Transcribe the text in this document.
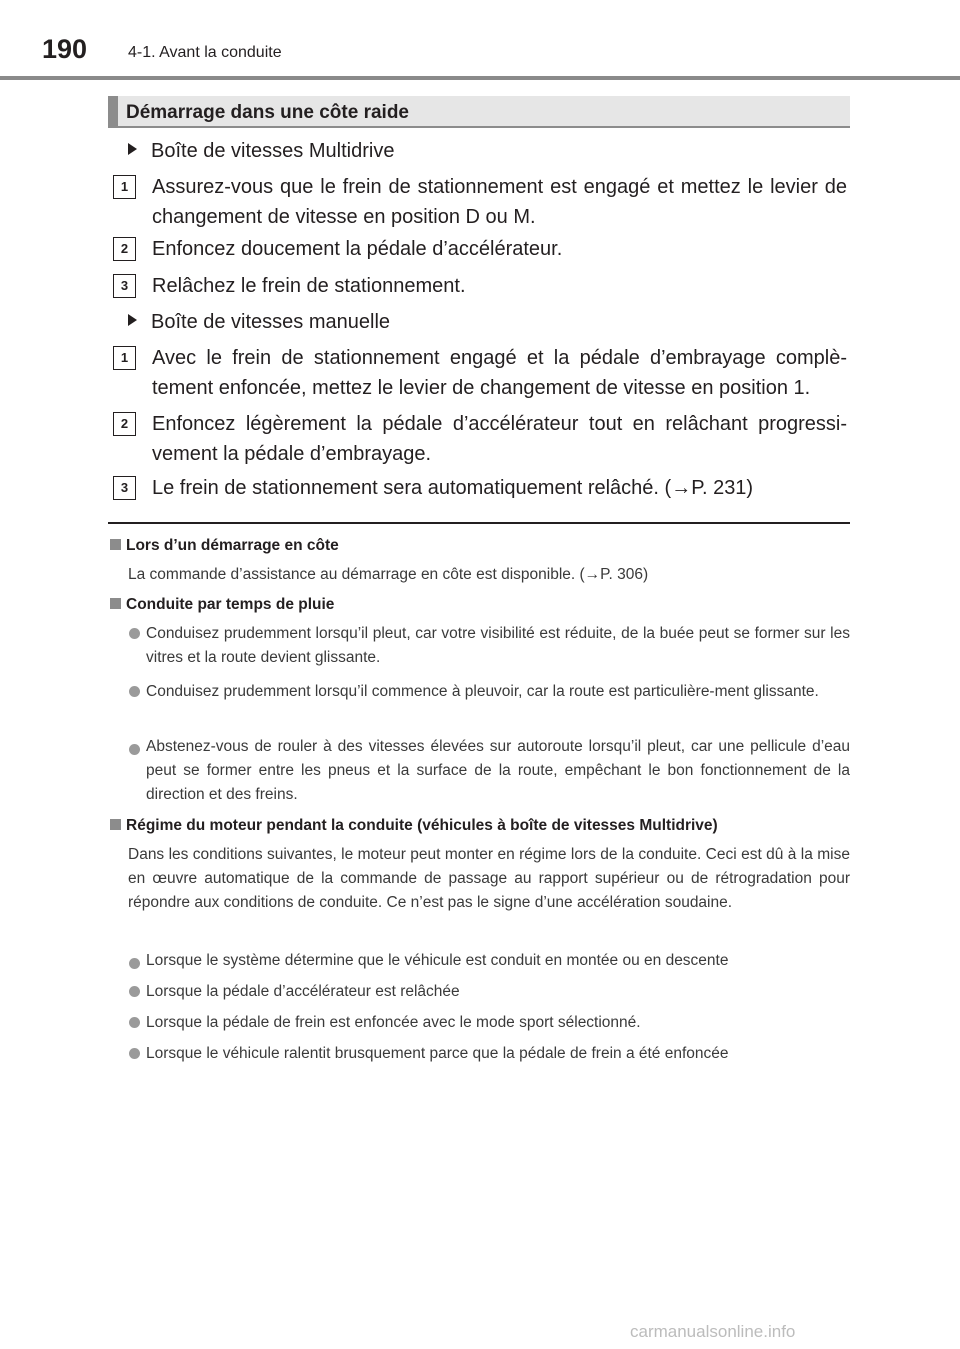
190	4-1. Avant la conduite
Démarrage dans une côte raide
Boîte de vitesses Multidrive
1	Assurez-vous que le frein de stationnement est engagé et mettez le levier de changement de vitesse en position D ou M.
2	Enfoncez doucement la pédale d’accélérateur.
3	Relâchez le frein de stationnement.
Boîte de vitesses manuelle
1	Avec le frein de stationnement engagé et la pédale d’embrayage complè-tement enfoncée, mettez le levier de changement de vitesse en position 1.
2	Enfoncez légèrement la pédale d’accélérateur tout en relâchant progressi-vement la pédale d’embrayage.
3	Le frein de stationnement sera automatiquement relâché. (→P. 231)
Lors d’un démarrage en côte
La commande d’assistance au démarrage en côte est disponible. (→P. 306)
Conduite par temps de pluie
Conduisez prudemment lorsqu’il pleut, car votre visibilité est réduite, de la buée peut se former sur les vitres et la route devient glissante.
Conduisez prudemment lorsqu’il commence à pleuvoir, car la route est particulière-ment glissante.
Abstenez-vous de rouler à des vitesses élevées sur autoroute lorsqu’il pleut, car une pellicule d’eau peut se former entre les pneus et la surface de la route, empêchant le bon fonctionnement de la direction et des freins.
Régime du moteur pendant la conduite (véhicules à boîte de vitesses Multidrive)
Dans les conditions suivantes, le moteur peut monter en régime lors de la conduite. Ceci est dû à la mise en œuvre automatique de la commande de passage au rapport supérieur ou de rétrogradation pour répondre aux conditions de conduite. Ce n’est pas le signe d’une accélération soudaine.
Lorsque le système détermine que le véhicule est conduit en montée ou en descente
Lorsque la pédale d’accélérateur est relâchée
Lorsque la pédale de frein est enfoncée avec le mode sport sélectionné.
Lorsque le véhicule ralentit brusquement parce que la pédale de frein a été enfoncée
carmanualsonline.info
